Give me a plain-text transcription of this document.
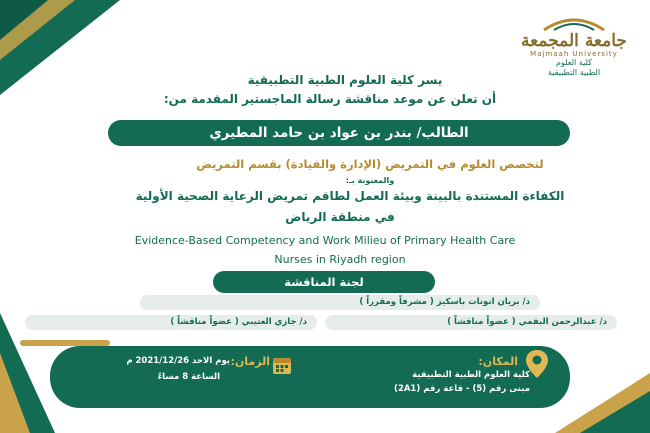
جامعة المجمعة
Majmaah University
كلية العلوم
الطبية التطبيقية
يسر كلية العلوم الطبية التطبيقية
أن تعلن عن موعد مناقشة رسالة الماجستير المقدمة من:
الطالب/ بندر بن عواد بن حامد المطيري
لتخصص العلوم في التمريض (الإدارة والقيادة) بقسم التمريض
والمعنونة بـ:
الكفاءة المستندة بالبينة وبيئة العمل لطاقم تمريض الرعاية الصحية الأولية
في منطقة الرياض
Evidence-Based Competency and Work Milieu of Primary Health Care
Nurses in Riyadh region
لجنة المناقشة
د/ بريان انونات باسكيز ( مشرفاً ومقرراً )
د/ عبدالرحمن البقمي ( عضواً مناقشاً )
د/ جازي العتيبي ( عضواً مناقشاً )
المكان:
كلية العلوم الطبية التطبيقية
مبنى رقم (5) - قاعة رقم (2A1)
الزمان:
يوم الاحد 2021/12/26 م
الساعة 8 مساءً
